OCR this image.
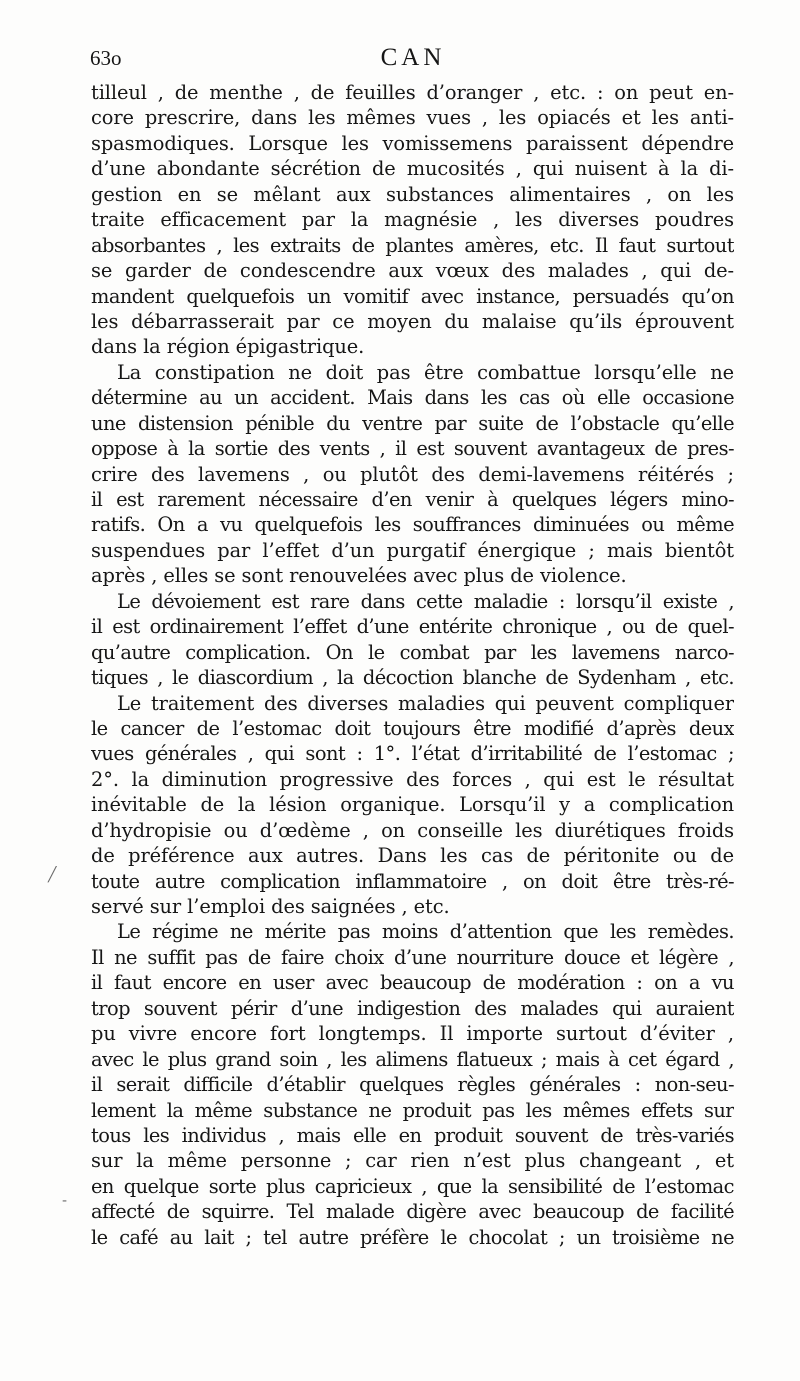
63o	CAN
tilleul , de menthe , de feuilles d’oranger , etc. : on peut en-
core prescrire, dans les mêmes vues , les opiacés et les anti-
spasmodiques. Lorsque les vomissemens paraissent dépendre
d’une abondante sécrétion de mucosités , qui nuisent à la di-
gestion en se mêlant aux substances alimentaires , on les
traite efficacement par la magnésie , les diverses poudres
absorbantes , les extraits de plantes amères, etc. Il faut surtout
se garder de condescendre aux vœux des malades , qui de-
mandent quelquefois un vomitif avec instance, persuadés qu’on
les débarrasserait par ce moyen du malaise qu’ils éprouvent
dans la région épigastrique.
La constipation ne doit pas être combattue lorsqu’elle ne
détermine au un accident. Mais dans les cas où elle occasione
une distension pénible du ventre par suite de l’obstacle qu’elle
oppose à la sortie des vents , il est souvent avantageux de pres-
crire des lavemens , ou plutôt des demi-lavemens réitérés ;
il est rarement nécessaire d’en venir à quelques légers mino-
ratifs. On a vu quelquefois les souffrances diminuées ou même
suspendues par l’effet d’un purgatif énergique ; mais bientôt
après , elles se sont renouvelées avec plus de violence.
Le dévoiement est rare dans cette maladie : lorsqu’il existe ,
il est ordinairement l’effet d’une entérite chronique , ou de quel-
qu’autre complication. On le combat par les lavemens narco-
tiques , le diascordium , la décoction blanche de Sydenham , etc.
Le traitement des diverses maladies qui peuvent compliquer
le cancer de l’estomac doit toujours être modifié d’après deux
vues générales , qui sont : 1°. l’état d’irritabilité de l’estomac ;
2°. la diminution progressive des forces , qui est le résultat
inévitable de la lésion organique. Lorsqu’il y a complication
d’hydropisie ou d’œdème , on conseille les diurétiques froids
de préférence aux autres. Dans les cas de péritonite ou de
toute autre complication inflammatoire , on doit être très-ré-
servé sur l’emploi des saignées , etc.
Le régime ne mérite pas moins d’attention que les remèdes.
Il ne suffit pas de faire choix d’une nourriture douce et légère ,
il faut encore en user avec beaucoup de modération : on a vu
trop souvent périr d’une indigestion des malades qui auraient
pu vivre encore fort longtemps. Il importe surtout d’éviter ,
avec le plus grand soin , les alimens flatueux ; mais à cet égard ,
il serait difficile d’établir quelques règles générales : non-seu-
lement la même substance ne produit pas les mêmes effets sur
tous les individus , mais elle en produit souvent de très-variés
sur la même personne ; car rien n’est plus changeant , et
en quelque sorte plus capricieux , que la sensibilité de l’estomac
affecté de squirre. Tel malade digère avec beaucoup de facilité
le café au lait ; tel autre préfère le chocolat ; un troisième ne
╱
-
